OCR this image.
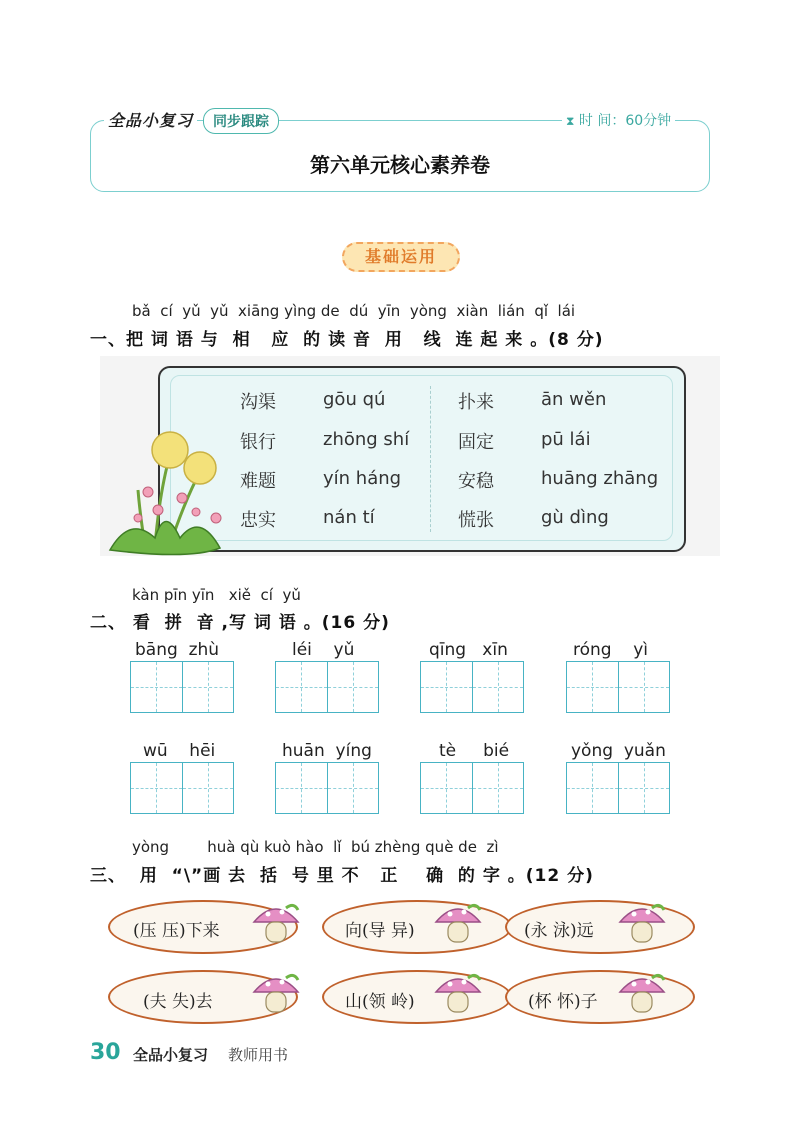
全品小复习	同步跟踪	⧗ 时 间：60分钟
第六单元核心素养卷
基础运用
bǎ  cí  yǔ  yǔ  xiāng yìng de  dú  yīn  yòng  xiàn  lián  qǐ  lái
一、把 词 语 与  相   应  的 读 音  用   线  连 起 来 。(8 分)
沟渠	gōu qú	扑来	ān wěn
银行	zhōng shí	固定	pū lái
难题	yín háng	安稳	huāng zhāng
忠实	nán tí	慌张	gù dìng
kàn pīn yīn   xiě  cí  yǔ
二、 看  拼  音 ,写 词 语 。(16 分)
bāng  zhù	léi    yǔ	qīng   xīn	róng    yì
wū    hēi	huān  yíng	tè     bié	yǒng  yuǎn
yòng        huà qù kuò hào  lǐ  bú zhèng què de  zì
三、  用  “\”画 去  括  号 里 不   正    确  的 字 。(12 分)
(压 压)下来	向(导 异)	(永 泳)远
(夫 失)去	山(领 岭)	(杯 怀)子
30 全品小复习 教师用书
